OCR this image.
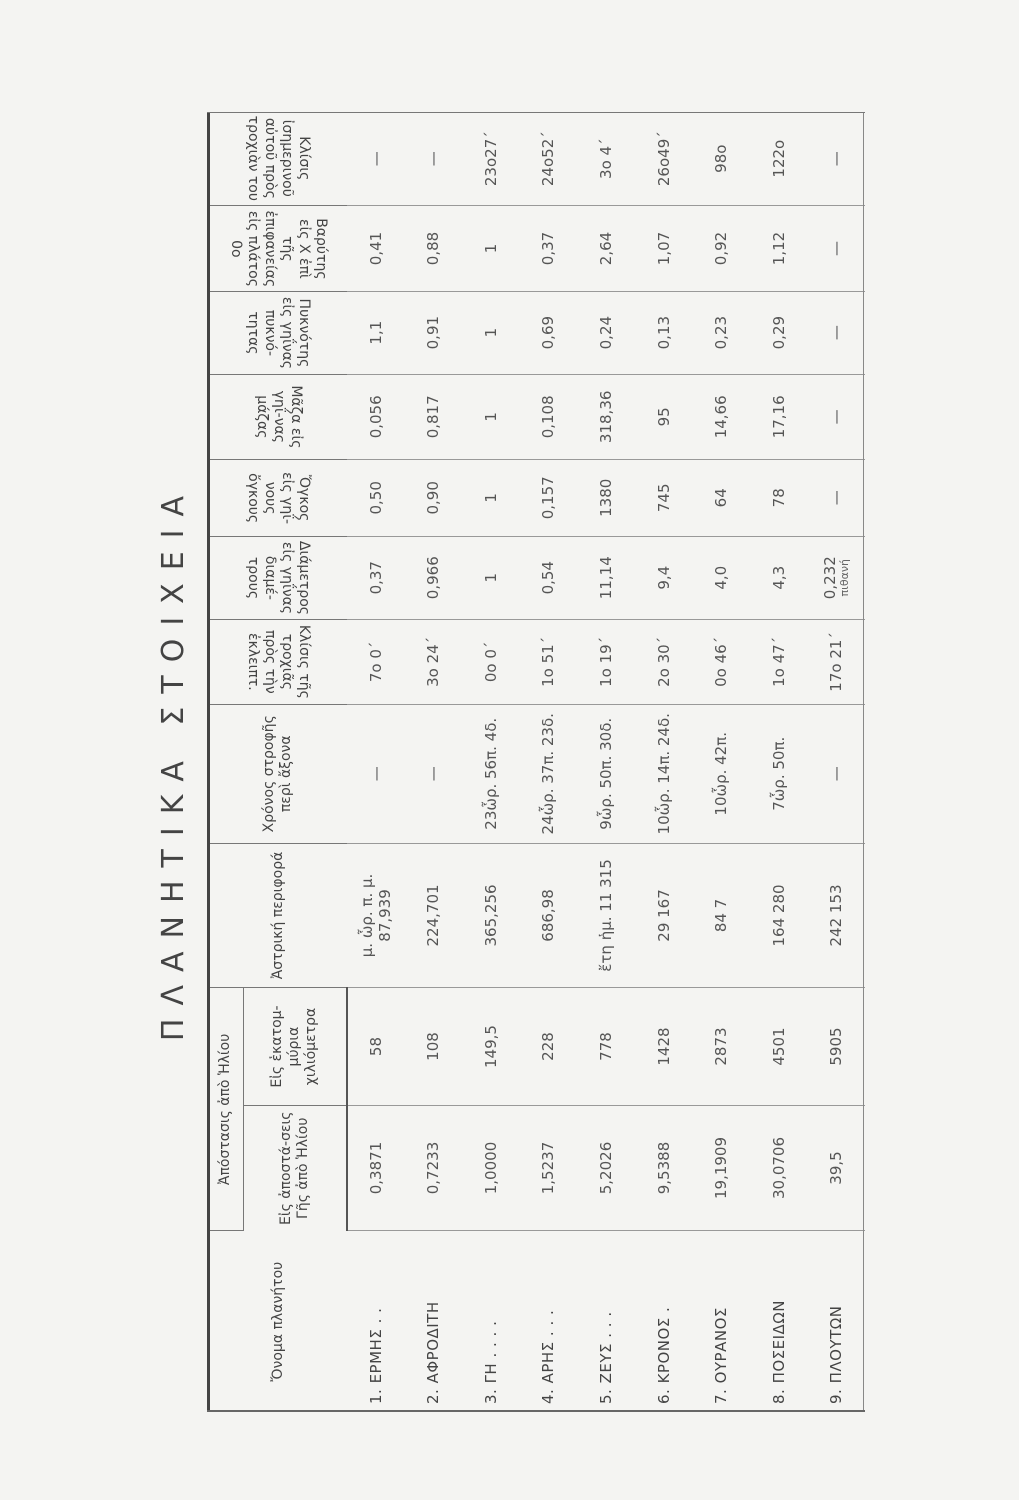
ΠΛΑΝΗΤΙΚΑ ΣΤΟΙΧΕΙΑ
Ὄνομα πλανήτου	Ἀπόστασις ἀπὸ Ἡλίου		Ἀστρική περιφορά	Χρόνος στροφῆς περὶ ἄξονα	Κλίσις τῆς τροχιᾶς πρὸς τὴν ἐκλειπτ.	Διάμετρος εἰς γηΐνας διαμέ-τρους	Ὄγκος εἰς γηΐ-νους ὄγκους	Μᾶζα εἰς γηΐ-νας μάζας	Πυκνότης εἰς γηΐνας πυκνό-τητας	Βαρύτης εἰς Χ ἐπὶ τῆς ἐπιφανείας εἰς πλάτος 0ο	Κλίσις ἰσημερινοῦ αὐτοῦ πρὸς τροχιὰν του
	Εἰς ἀποστά-σεις Γῆς ἀπὸ Ἡλίου	Εἰς ἑκατομ-μύρια χιλιόμετρα									
1. ΕΡΜΗΣ . .	0,3871	58	μ. ὧρ. π. μ. 87,939	—	7ο 0΄	0,37	0,50	0,056	1,1	0,41	—
2. ΑΦΡΟΔΙΤΗ	0,7233	108	224,701	—	3ο 24΄	0,966	0,90	0,817	0,91	0,88	—
3. ΓΗ . . . .	1,0000	149,5	365,256	23ὧρ. 56π. 4δ.	0ο 0΄	1	1	1	1	1	23ο27΄
4. ΑΡΗΣ . . .	1,5237	228	686,98	24ὧρ. 37π. 23δ.	1ο 51΄	0,54	0,157	0,108	0,69	0,37	24ο52΄
5. ΖΕΥΣ . . .	5,2026	778	ἔτη ἡμ. 11 315	9ὧρ. 50π. 30δ.	1ο 19΄	11,14	1380	318,36	0,24	2,64	3ο 4΄
6. ΚΡΟΝΟΣ .	9,5388	1428	29 167	10ὧρ. 14π. 24δ.	2ο 30΄	9,4	745	95	0,13	1,07	26ο49΄
7. ΟΥΡΑΝΟΣ	19,1909	2873	84 7	10ὧρ. 42π.	0ο 46΄	4,0	64	14,66	0,23	0,92	98ο
8. ΠΟΣΕΙΔΩΝ	30,0706	4501	164 280	7ὧρ. 50π.	1ο 47΄	4,3	78	17,16	0,29	1,12	122ο
9. ΠΛΟΥΤΩΝ	39,5	5905	242 153	—	17ο 21΄	0,232 πιθανή	—	—	—	—	—
